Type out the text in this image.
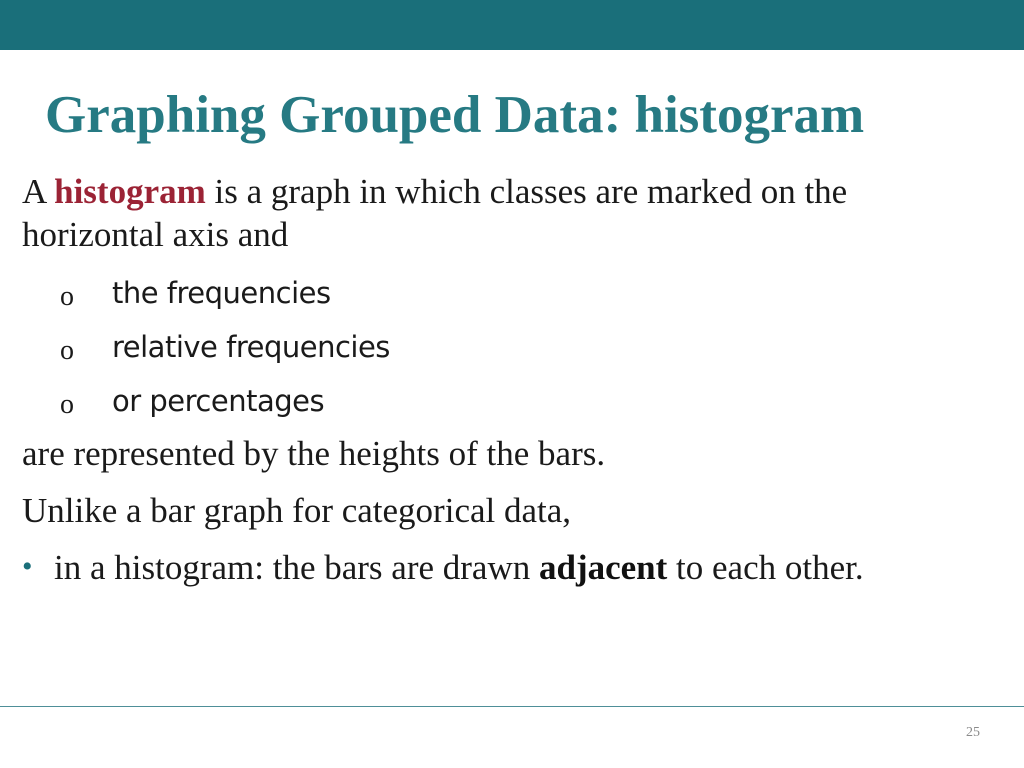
Graphing Grouped Data: histogram
A histogram is a graph in which classes are marked on the
horizontal axis and
o	the frequencies
o	relative frequencies
o	or percentages
are represented by the heights of the bars.
Unlike a bar graph for categorical data,
• in a histogram: the bars are drawn adjacent to each other.
25
